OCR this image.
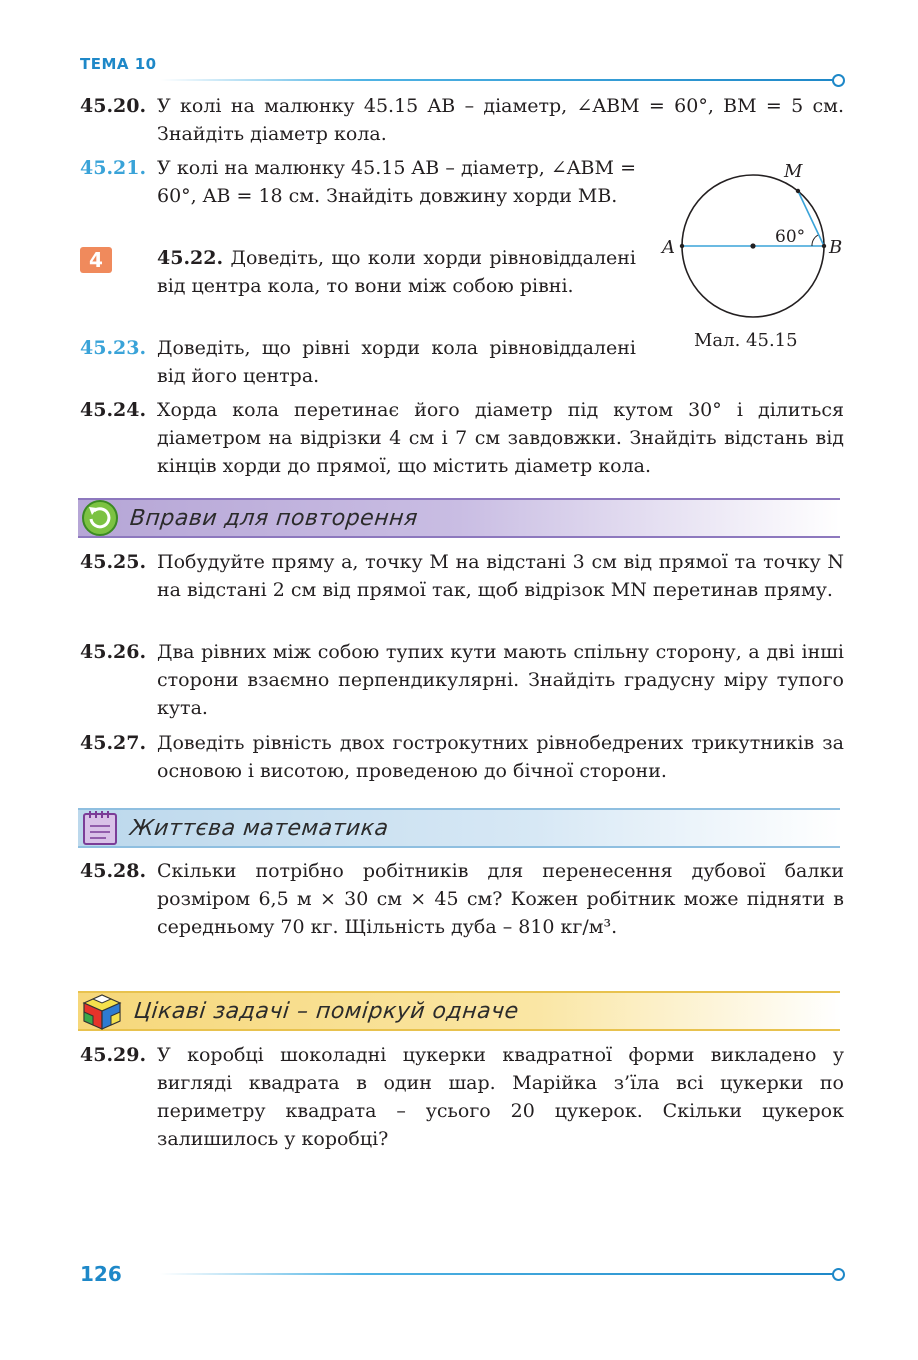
ТЕМА 10
45.20. У колі на малюнку 45.15 AB – діаметр, ∠ABM = 60°, BM = 5 см. Знайдіть діаметр кола.
45.21. У колі на малюнку 45.15 AB – діаметр, ∠ABM = 60°, AB = 18 см. Знайдіть довжину хорди MB.
4	45.22. Доведіть, що коли хорди рівновіддалені від центра кола, то вони між собою рівні.
45.23. Доведіть, що рівні хорди кола рівновіддалені від його центра.
A	B
M
60°
Мал. 45.15
45.24. Хорда кола перетинає його діаметр під кутом 30° і ділиться діаметром на відрізки 4 см і 7 см завдовжки. Знайдіть відстань від кінців хорди до прямої, що містить діаметр кола.
Вправи для повторення
45.25. Побудуйте пряму a, точку M на відстані 3 см від прямої та точку N на відстані 2 см від прямої так, щоб відрізок MN перетинав пряму.
45.26. Два рівних між собою тупих кути мають спільну сторону, а дві інші сторони взаємно перпендикулярні. Знайдіть градусну міру тупого кута.
45.27. Доведіть рівність двох гострокутних рівнобедрених трикутників за основою і висотою, проведеною до бічної сторони.
Життєва математика
45.28. Скільки потрібно робітників для перенесення дубової балки розміром 6,5 м × 30 см × 45 см? Кожен робітник може підняти в середньому 70 кг. Щільність дуба – 810 кг/м³.
Цікаві задачі – поміркуй одначе
45.29. У коробці шоколадні цукерки квадратної форми викладено у вигляді квадрата в один шар. Марійка з’їла всі цукерки по периметру квадрата – усього 20 цукерок. Скільки цукерок залишилось у коробці?
126
